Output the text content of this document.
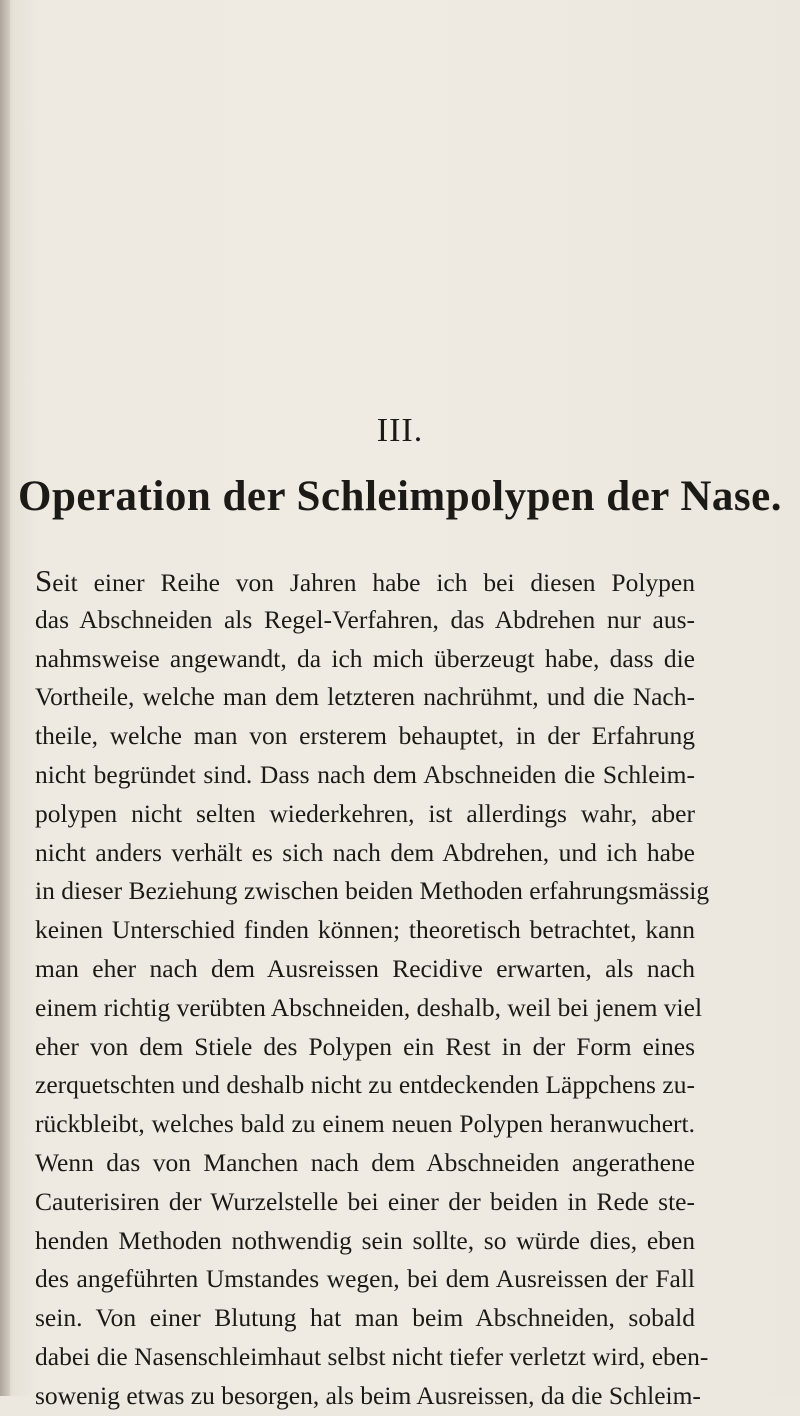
III.
Operation der Schleimpolypen der Nase.
Seit einer Reihe von Jahren habe ich bei diesen Polypen
das Abschneiden als Regel-Verfahren, das Abdrehen nur aus-
nahmsweise angewandt, da ich mich überzeugt habe, dass die
Vortheile, welche man dem letzteren nachrühmt, und die Nach-
theile, welche man von ersterem behauptet, in der Erfahrung
nicht begründet sind. Dass nach dem Abschneiden die Schleim-
polypen nicht selten wiederkehren, ist allerdings wahr, aber
nicht anders verhält es sich nach dem Abdrehen, und ich habe
in dieser Beziehung zwischen beiden Methoden erfahrungsmässig
keinen Unterschied finden können; theoretisch betrachtet, kann
man eher nach dem Ausreissen Recidive erwarten, als nach
einem richtig verübten Abschneiden, deshalb, weil bei jenem viel
eher von dem Stiele des Polypen ein Rest in der Form eines
zerquetschten und deshalb nicht zu entdeckenden Läppchens zu-
rückbleibt, welches bald zu einem neuen Polypen heranwuchert.
Wenn das von Manchen nach dem Abschneiden angerathene
Cauterisiren der Wurzelstelle bei einer der beiden in Rede ste-
henden Methoden nothwendig sein sollte, so würde dies, eben
des angeführten Umstandes wegen, bei dem Ausreissen der Fall
sein. Von einer Blutung hat man beim Abschneiden, sobald
dabei die Nasenschleimhaut selbst nicht tiefer verletzt wird, eben-
sowenig etwas zu besorgen, als beim Ausreissen, da die Schleim-
